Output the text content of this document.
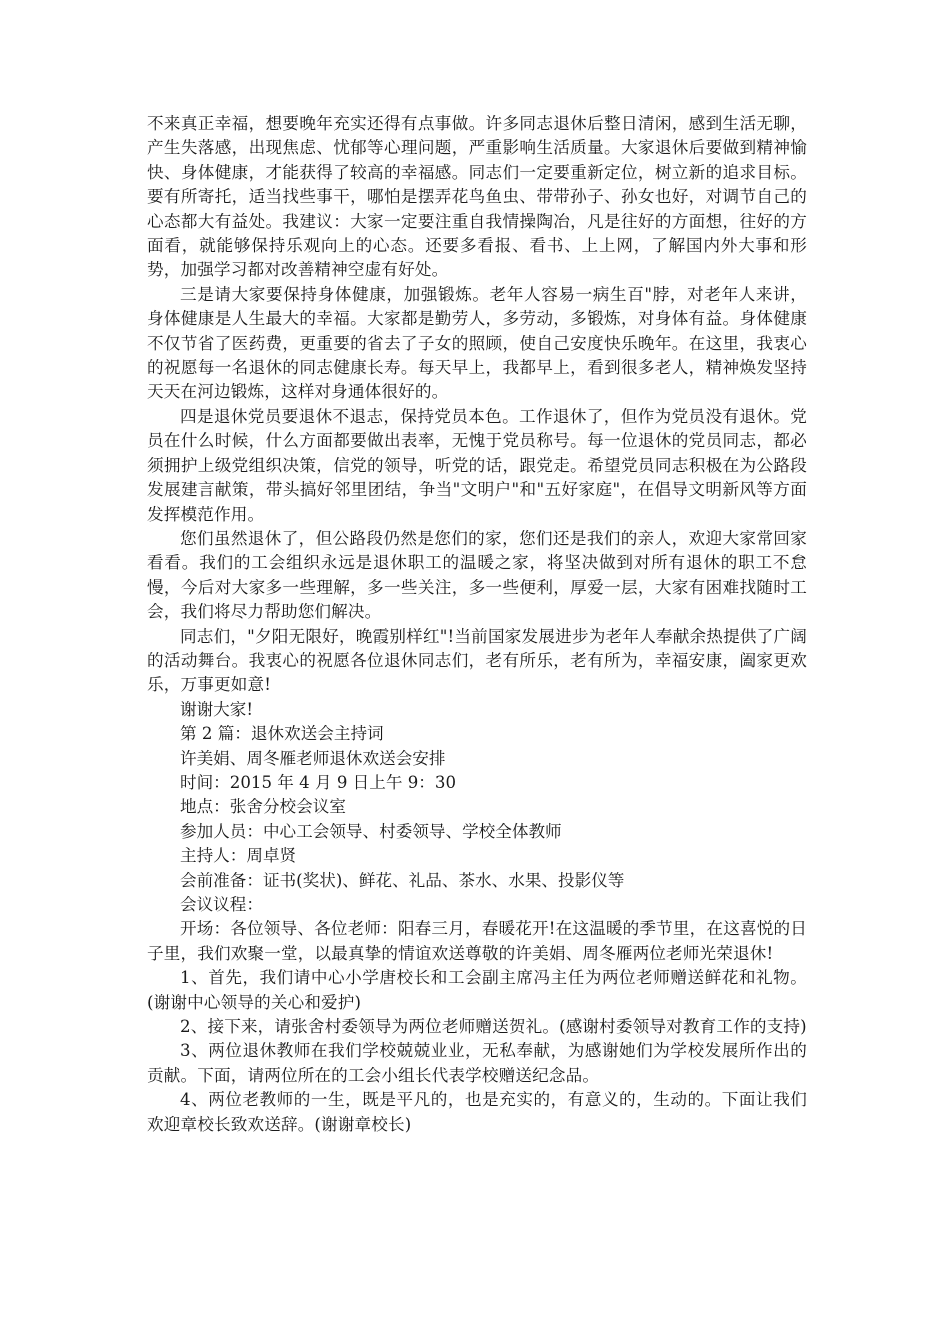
不来真正幸福，想要晚年充实还得有点事做。许多同志退休后整日清闲，感到生活无聊，产生失落感，出现焦虑、忧郁等心理问题，严重影响生活质量。大家退休后要做到精神愉快、身体健康，才能获得了较高的幸福感。同志们一定要重新定位，树立新的追求目标。要有所寄托，适当找些事干，哪怕是摆弄花鸟鱼虫、带带孙子、孙女也好，对调节自己的心态都大有益处。我建议：大家一定要注重自我情操陶冶，凡是往好的方面想，往好的方面看，就能够保持乐观向上的心态。还要多看报、看书、上上网，了解国内外大事和形势，加强学习都对改善精神空虚有好处。

三是请大家要保持身体健康，加强锻炼。老年人容易一病生百"脖，对老年人来讲，身体健康是人生最大的幸福。大家都是勤劳人，多劳动，多锻炼，对身体有益。身体健康不仅节省了医药费，更重要的省去了子女的照顾，使自己安度快乐晚年。在这里，我衷心的祝愿每一名退休的同志健康长寿。每天早上，我都早上，看到很多老人，精神焕发坚持天天在河边锻炼，这样对身通体很好的。

四是退休党员要退休不退志，保持党员本色。工作退休了，但作为党员没有退休。党员在什么时候，什么方面都要做出表率，无愧于党员称号。每一位退休的党员同志，都必须拥护上级党组织决策，信党的领导，听党的话，跟党走。希望党员同志积极在为公路段发展建言献策，带头搞好邻里团结，争当"文明户"和"五好家庭"，在倡导文明新风等方面发挥模范作用。

您们虽然退休了，但公路段仍然是您们的家，您们还是我们的亲人，欢迎大家常回家看看。我们的工会组织永远是退休职工的温暖之家，将坚决做到对所有退休的职工不怠慢，今后对大家多一些理解，多一些关注，多一些便利，厚爱一层，大家有困难找随时工会，我们将尽力帮助您们解决。

同志们，"夕阳无限好，晚霞别样红"!当前国家发展进步为老年人奉献余热提供了广阔的活动舞台。我衷心的祝愿各位退休同志们，老有所乐，老有所为，幸福安康，阖家更欢乐，万事更如意!

谢谢大家!

第 2 篇：退休欢送会主持词

许美娟、周冬雁老师退休欢送会安排

时间：2015 年 4 月 9 日上午 9：30

地点：张舍分校会议室

参加人员：中心工会领导、村委领导、学校全体教师

主持人：周卓贤

会前准备：证书(奖状)、鲜花、礼品、茶水、水果、投影仪等

会议议程：

开场：各位领导、各位老师：阳春三月，春暖花开!在这温暖的季节里，在这喜悦的日子里，我们欢聚一堂，以最真挚的情谊欢送尊敬的许美娟、周冬雁两位老师光荣退休!

1、首先，我们请中心小学唐校长和工会副主席冯主任为两位老师赠送鲜花和礼物。(谢谢中心领导的关心和爱护)

2、接下来，请张舍村委领导为两位老师赠送贺礼。(感谢村委领导对教育工作的支持)

3、两位退休教师在我们学校兢兢业业，无私奉献，为感谢她们为学校发展所作出的贡献。下面，请两位所在的工会小组长代表学校赠送纪念品。

4、两位老教师的一生，既是平凡的，也是充实的，有意义的，生动的。下面让我们欢迎章校长致欢送辞。(谢谢章校长)
